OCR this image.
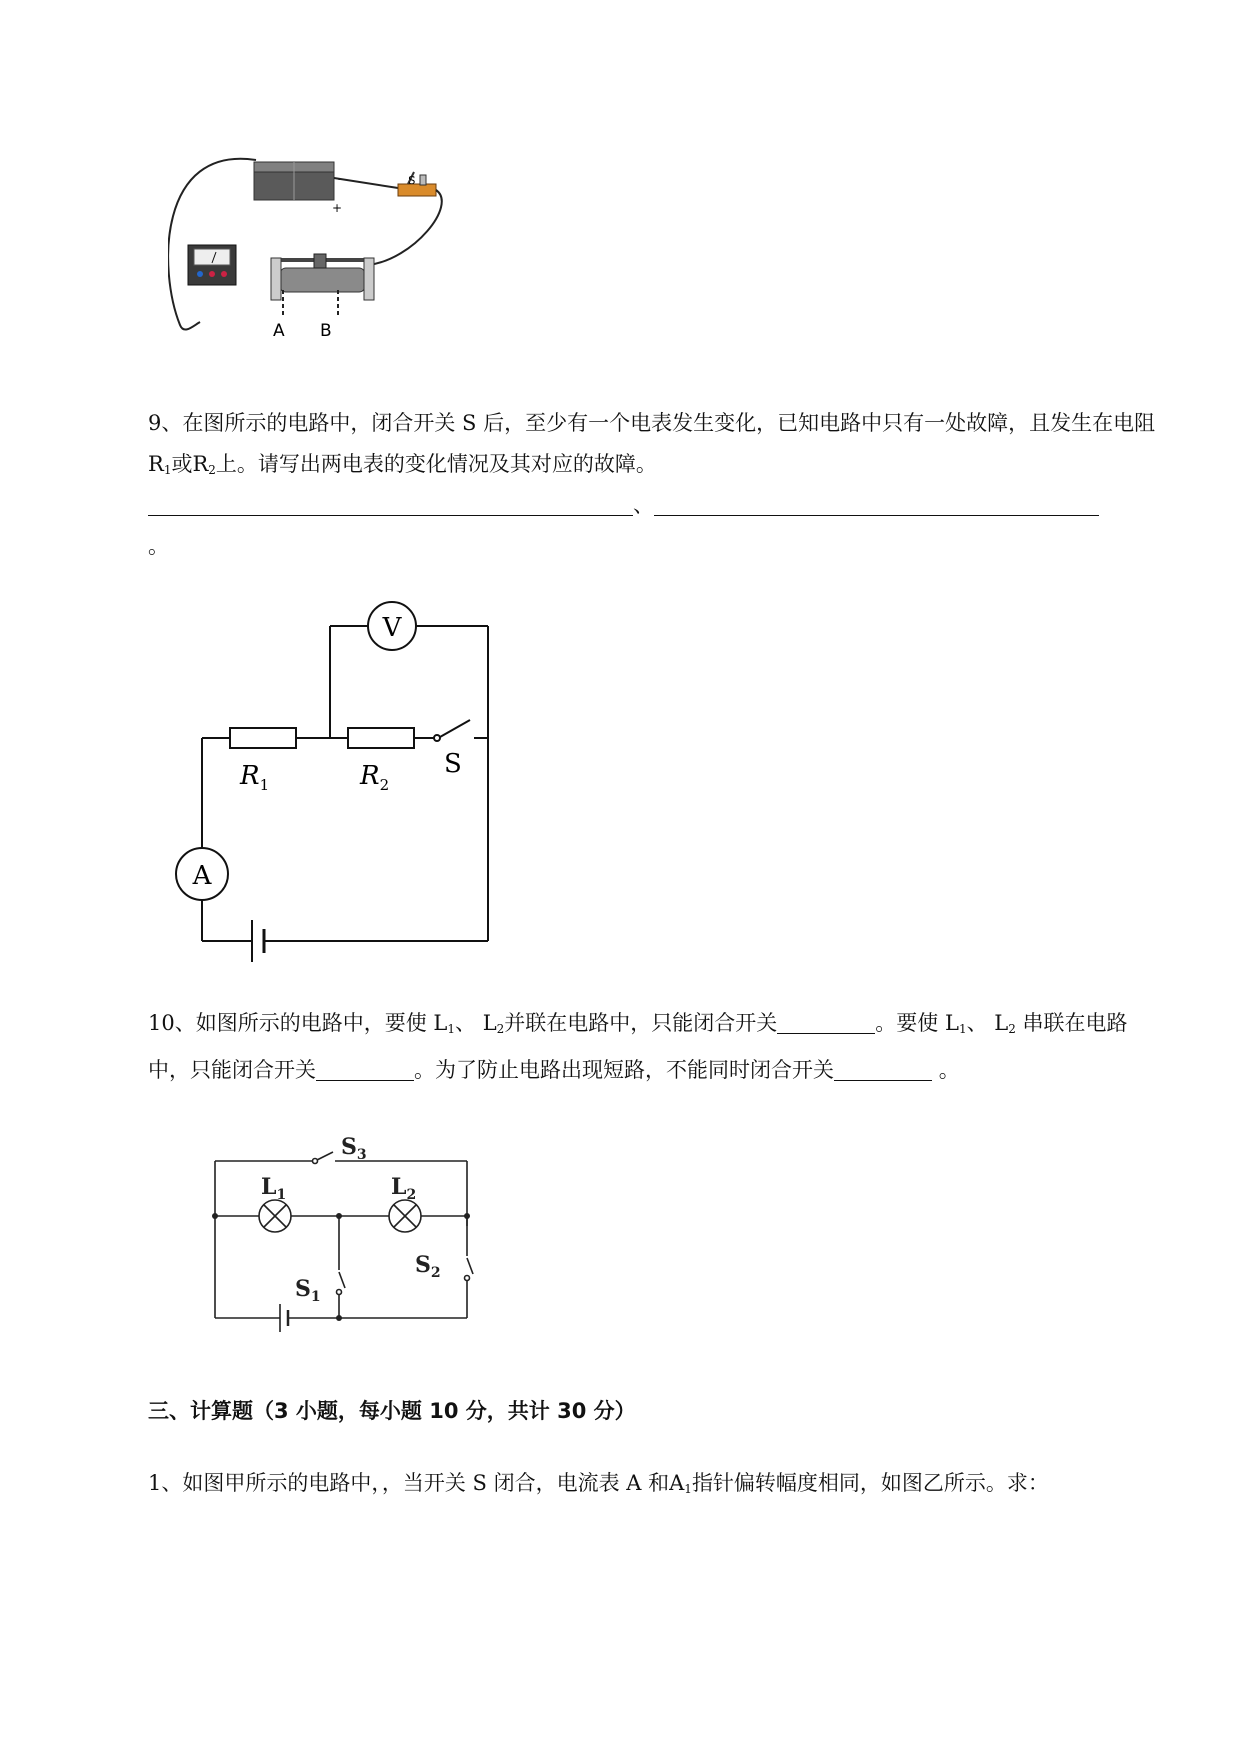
-
+
S
A B
9、在图所示的电路中，闭合开关 S 后，至少有一个电表发生变化，已知电路中只有一处故障，且发生在电阻$R_1$或$R_2$上。请写出两电表的变化情况及其对应的故障。
、
。
V
A
$R_1$	$R_2$
S
10、如图所示的电路中，要使 $L_1$、 $L_2$并联在电路中，只能闭合开关	。要使 $L_1$、 $L_2$ 串联在电路中，只能闭合开关	。为了防止电路出现短路，不能同时闭合开关	。
$S_3$
$L_1$	$L_2$
$S_1$
$S_2$
三、计算题（3 小题，每小题 10 分，共计 30 分）
1、如图甲所示的电路中，，当开关 S 闭合，电流表 A 和$A_1$指针偏转幅度相同，如图乙所示。求：
